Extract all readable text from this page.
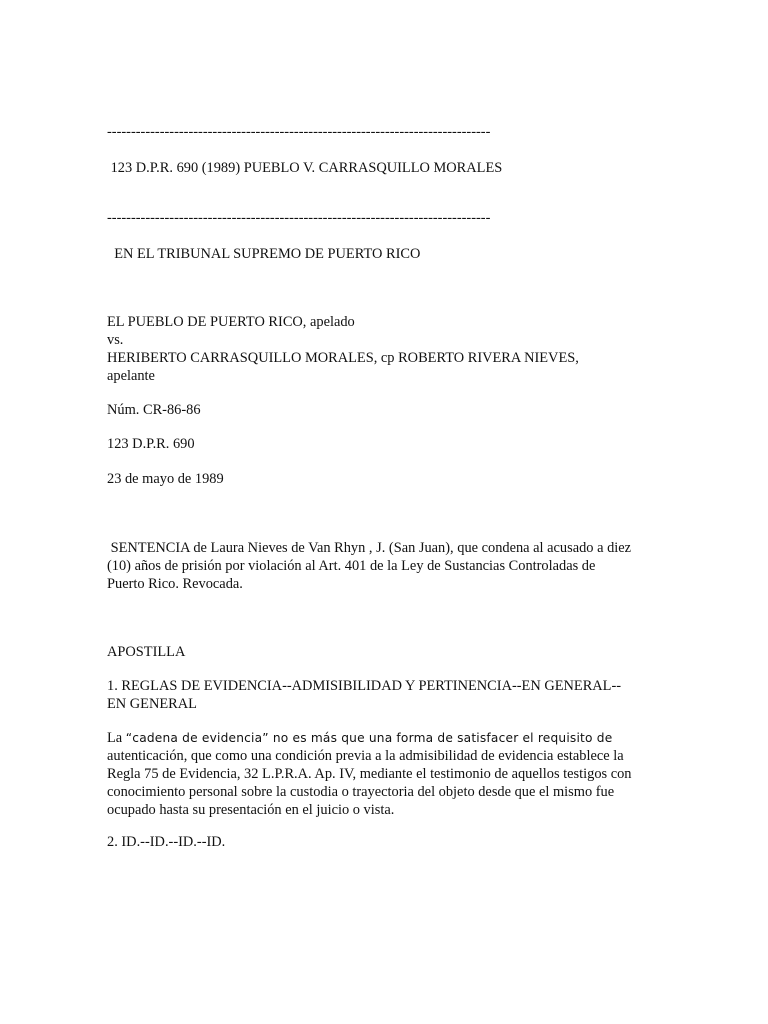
--------------------------------------------------------------------------------
123 D.P.R. 690 (1989) PUEBLO V. CARRASQUILLO MORALES
--------------------------------------------------------------------------------
EN EL TRIBUNAL SUPREMO DE PUERTO RICO
EL PUEBLO DE PUERTO RICO, apelado
vs.
HERIBERTO CARRASQUILLO MORALES, cp ROBERTO RIVERA NIEVES,
apelante
Núm. CR-86-86
123 D.P.R. 690
23 de mayo de 1989
SENTENCIA de Laura Nieves de Van Rhyn , J. (San Juan), que condena al acusado a diez
(10) años de prisión por violación al Art. 401 de la Ley de Sustancias Controladas de
Puerto Rico. Revocada.
APOSTILLA
1. REGLAS DE EVIDENCIA--ADMISIBILIDAD Y PERTINENCIA--EN GENERAL--
EN GENERAL
La “cadena de evidencia” no es más que una forma de satisfacer el requisito de
autenticación, que como una condición previa a la admisibilidad de evidencia establece la
Regla 75 de Evidencia, 32 L.P.R.A. Ap. IV, mediante el testimonio de aquellos testigos con
conocimiento personal sobre la custodia o trayectoria del objeto desde que el mismo fue
ocupado hasta su presentación en el juicio o vista.
2. ID.--ID.--ID.--ID.
